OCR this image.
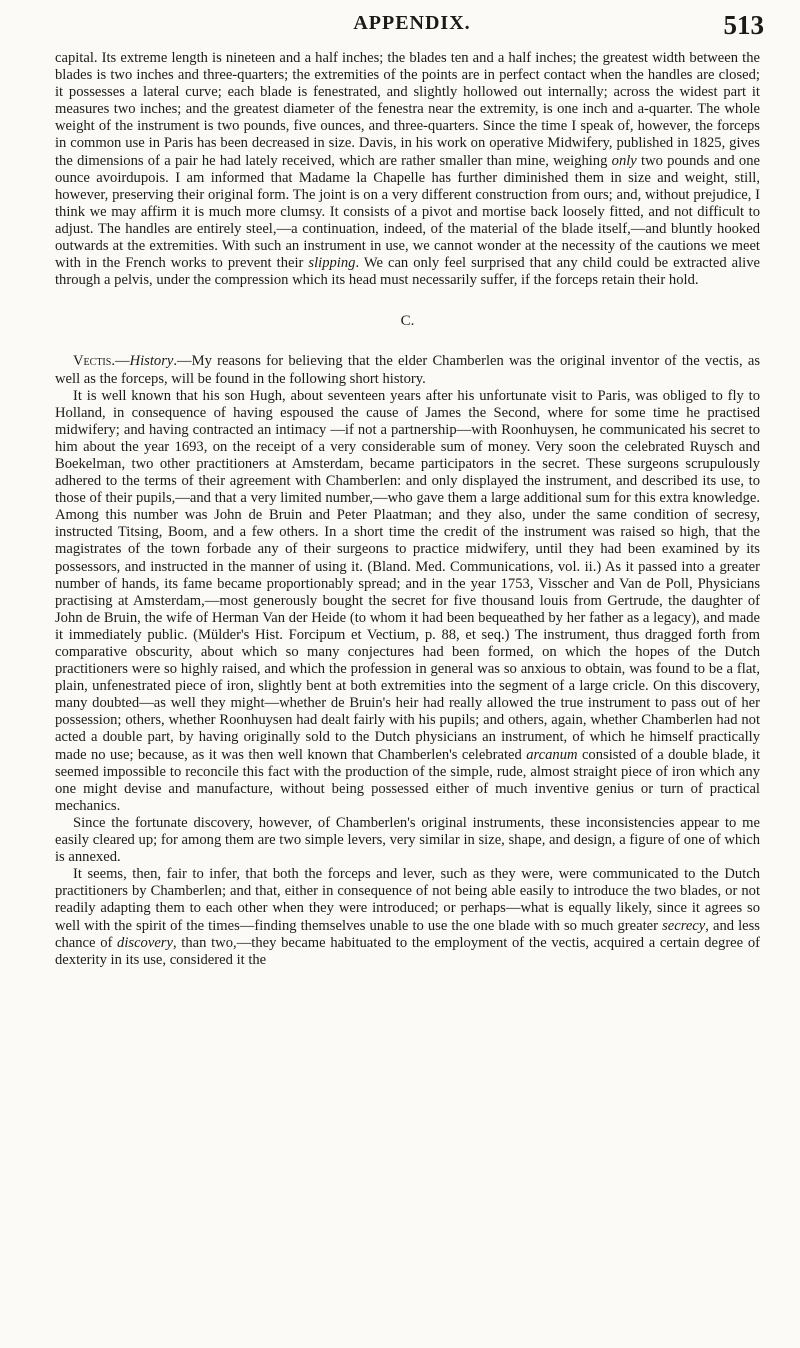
APPENDIX.	513

capital. Its extreme length is nineteen and a half inches; the blades ten and a half inches; the greatest width between the blades is two inches and three-quarters; the extremities of the points are in perfect contact when the handles are closed; it possesses a lateral curve; each blade is fenestrated, and slightly hollowed out internally; across the widest part it measures two inches; and the greatest diameter of the fenestra near the extremity, is one inch and a-quarter. The whole weight of the instrument is two pounds, five ounces, and three-quarters. Since the time I speak of, however, the forceps in common use in Paris has been decreased in size. Davis, in his work on operative Midwifery, published in 1825, gives the dimensions of a pair he had lately received, which are rather smaller than mine, weighing only two pounds and one ounce avoirdupois. I am informed that Madame la Chapelle has further diminished them in size and weight, still, however, preserving their original form. The joint is on a very different construction from ours; and, without prejudice, I think we may affirm it is much more clumsy. It consists of a pivot and mortise back loosely fitted, and not difficult to adjust. The handles are entirely steel,—a continuation, indeed, of the material of the blade itself,—and bluntly hooked outwards at the extremities. With such an instrument in use, we cannot wonder at the necessity of the cautions we meet with in the French works to prevent their slipping. We can only feel surprised that any child could be extracted alive through a pelvis, under the compression which its head must necessarily suffer, if the forceps retain their hold.

C.

Vectis.—History.—My reasons for believing that the elder Chamberlen was the original inventor of the vectis, as well as the forceps, will be found in the following short history.

It is well known that his son Hugh, about seventeen years after his unfortunate visit to Paris, was obliged to fly to Holland, in consequence of having espoused the cause of James the Second, where for some time he practised midwifery; and having contracted an intimacy —if not a partnership—with Roonhuysen, he communicated his secret to him about the year 1693, on the receipt of a very considerable sum of money. Very soon the celebrated Ruysch and Boekelman, two other practitioners at Amsterdam, became participators in the secret. These surgeons scrupulously adhered to the terms of their agreement with Chamberlen: and only displayed the instrument, and described its use, to those of their pupils,—and that a very limited number,—who gave them a large additional sum for this extra knowledge. Among this number was John de Bruin and Peter Plaatman; and they also, under the same condition of secresy, instructed Titsing, Boom, and a few others. In a short time the credit of the instrument was raised so high, that the magistrates of the town forbade any of their surgeons to practice midwifery, until they had been examined by its possessors, and instructed in the manner of using it. (Bland. Med. Communications, vol. ii.) As it passed into a greater number of hands, its fame became proportionably spread; and in the year 1753, Visscher and Van de Poll, Physicians practising at Amsterdam,—most generously bought the secret for five thousand louis from Gertrude, the daughter of John de Bruin, the wife of Herman Van der Heide (to whom it had been bequeathed by her father as a legacy), and made it immediately public. (Mülder's Hist. Forcipum et Vectium, p. 88, et seq.) The instrument, thus dragged forth from comparative obscurity, about which so many conjectures had been formed, on which the hopes of the Dutch practitioners were so highly raised, and which the profession in general was so anxious to obtain, was found to be a flat, plain, unfenestrated piece of iron, slightly bent at both extremities into the segment of a large cricle. On this discovery, many doubted—as well they might—whether de Bruin's heir had really allowed the true instrument to pass out of her possession; others, whether Roonhuysen had dealt fairly with his pupils; and others, again, whether Chamberlen had not acted a double part, by having originally sold to the Dutch physicians an instrument, of which he himself practically made no use; because, as it was then well known that Chamberlen's celebrated arcanum consisted of a double blade, it seemed impossible to reconcile this fact with the production of the simple, rude, almost straight piece of iron which any one might devise and manufacture, without being possessed either of much inventive genius or turn of practical mechanics.

Since the fortunate discovery, however, of Chamberlen's original instruments, these inconsistencies appear to me easily cleared up; for among them are two simple levers, very similar in size, shape, and design, a figure of one of which is annexed.

It seems, then, fair to infer, that both the forceps and lever, such as they were, were communicated to the Dutch practitioners by Chamberlen; and that, either in consequence of not being able easily to introduce the two blades, or not readily adapting them to each other when they were introduced; or perhaps—what is equally likely, since it agrees so well with the spirit of the times—finding themselves unable to use the one blade with so much greater secrecy, and less chance of discovery, than two,—they became habituated to the employment of the vectis, acquired a certain degree of dexterity in its use, considered it the
